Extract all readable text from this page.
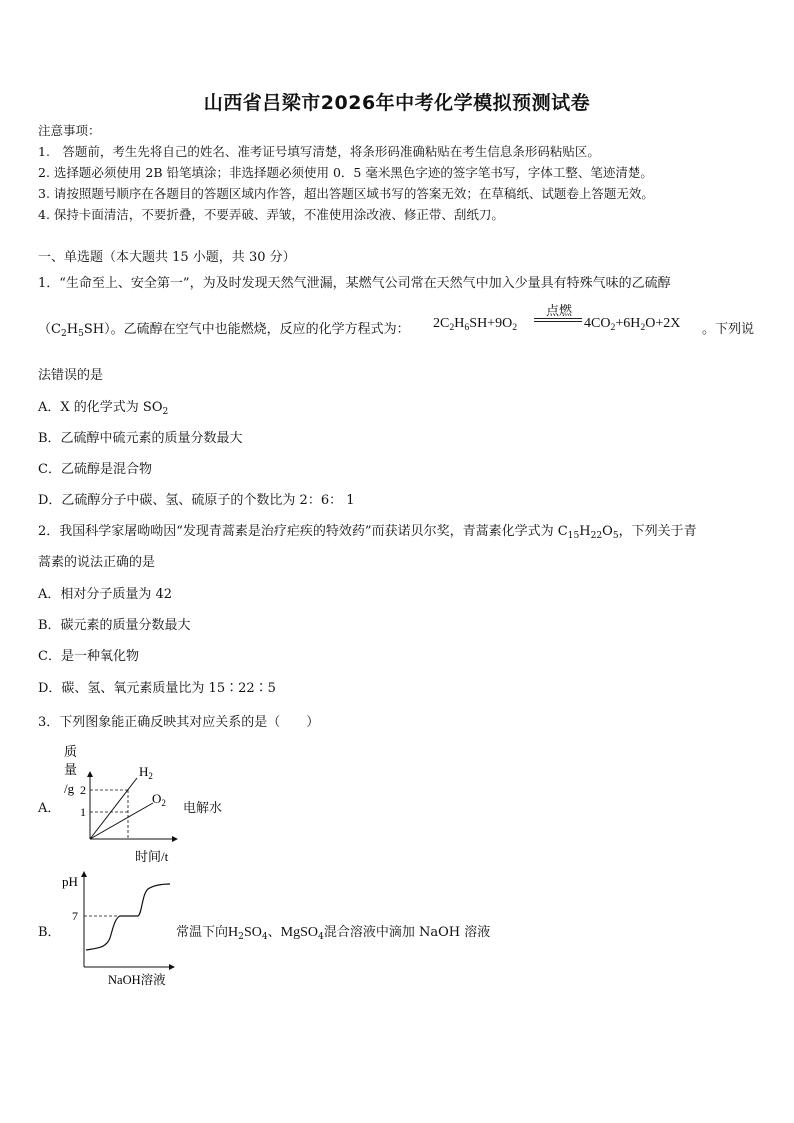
山西省吕梁市2026年中考化学模拟预测试卷
注意事项：
1.　答题前，考生先将自己的姓名、准考证号填写清楚，将条形码准确粘贴在考生信息条形码粘贴区。
2. 选择题必须使用 2B 铅笔填涂；非选择题必须使用 0．5 毫米黑色字迹的签字笔书写，字体工整、笔迹清楚。
3. 请按照题号顺序在各题目的答题区域内作答，超出答题区域书写的答案无效；在草稿纸、试题卷上答题无效。
4. 保持卡面清洁，不要折叠，不要弄破、弄皱，不准使用涂改液、修正带、刮纸刀。
一、单选题（本大题共 15 小题，共 30 分）
1．“生命至上、安全第一”，为及时发现天然气泄漏，某燃气公司常在天然气中加入少量具有特殊气味的乙硫醇
$(C_2H_5SH)$。乙硫醇在空气中也能燃烧，反应的化学方程式为： $2C_2H_6SH+9O_2$
点燃
$4CO_2+6H_2O+2X$ 。下列说
法错误的是
A．X 的化学式为 $SO_2$
B．乙硫醇中硫元素的质量分数最大
C．乙硫醇是混合物
D．乙硫醇分子中碳、氢、硫原子的个数比为 2：6： 1
2．我国科学家屠呦呦因“发现青蒿素是治疗疟疾的特效药”而获诺贝尔奖，青蒿素化学式为 $C_{15}H_{22}O_5$，下列关于青
蒿素的说法正确的是
A．相对分子质量为 42
B．碳元素的质量分数最大
C．是一种氧化物
D．碳、氢、氧元素质量比为 15∶22∶5
3．下列图象能正确反映其对应关系的是（　　）
A．
质
量
/g 2
1
$H_2$
$O_2$
时间/t
电解水
B．
pH
7
NaOH溶液
常温下向$H_2SO_4$、MgSO$_4$混合溶液中滴加 NaOH 溶液
